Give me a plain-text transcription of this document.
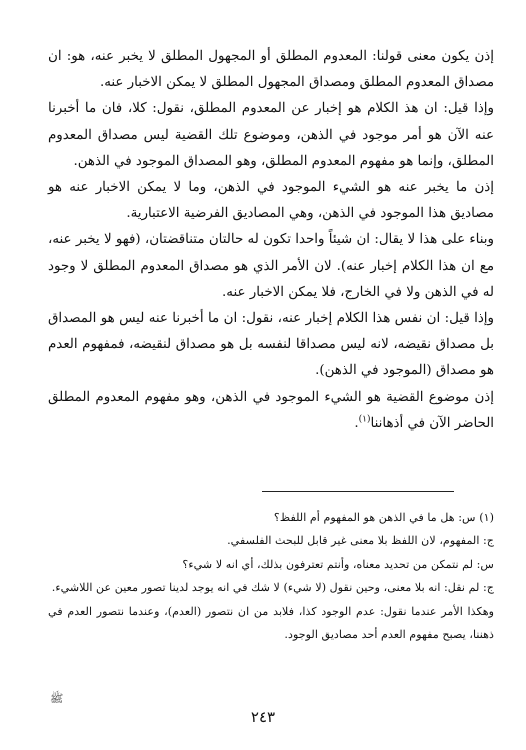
إذن يكون معنى قولنا: المعدوم المطلق أو المجهول المطلق لا يخبر عنه، هو: ان مصداق المعدوم المطلق ومصداق المجهول المطلق لا يمكن الاخبار عنه.

وإذا قيل: ان هذ الكلام هو إخبار عن المعدوم المطلق، نقول: كلا، فان ما أخبرنا عنه الآن هو أمر موجود في الذهن، وموضوع تلك القضية ليس مصداق المعدوم المطلق، وإنما هو مفهوم المعدوم المطلق، وهو المصداق الموجود في الذهن.

إذن ما يخبر عنه هو الشيء الموجود في الذهن، وما لا يمكن الاخبار عنه هو مصاديق هذا الموجود في الذهن، وهي المصاديق الفرضية الاعتبارية.

وبناء على هذا لا يقال: ان شيئاً واحدا تكون له حالتان متناقضتان، (فهو لا يخبر عنه، مع ان هذا الكلام إخبار عنه). لان الأمر الذي هو مصداق المعدوم المطلق لا وجود له في الذهن ولا في الخارج، فلا يمكن الاخبار عنه.

وإذا قيل: ان نفس هذا الكلام إخبار عنه، نقول: ان ما أخبرنا عنه ليس هو المصداق بل مصداق نقيضه، لانه ليس مصداقا لنفسه بل هو مصداق لنقيضه، فمفهوم العدم هو مصداق (الموجود في الذهن).

إذن موضوع القضية هو الشيء الموجود في الذهن، وهو مفهوم المعدوم المطلق الحاضر الآن في أذهاننا$^{(١)}$.

(١) س: هل ما في الذهن هو المفهوم أم اللفظ؟

ج: المفهوم، لان اللفظ بلا معنى غير قابل للبحث الفلسفي.

س: لم نتمكن من تحديد معناه، وأنتم تعترفون بذلك، أي انه لا شيء؟

ج: لم نقل: انه بلا معنى، وحين نقول (لا شيء) لا شك في انه يوجد لدينا تصور معين عن اللاشيء.

وهكذا الأمر عندما نقول: عدم الوجود كذا، فلابد من ان نتصور (العدم)، وعندما نتصور العدم في ذهننا، يصبح مفهوم العدم أحد مصاديق الوجود.

ﷺ
٢٤٣
